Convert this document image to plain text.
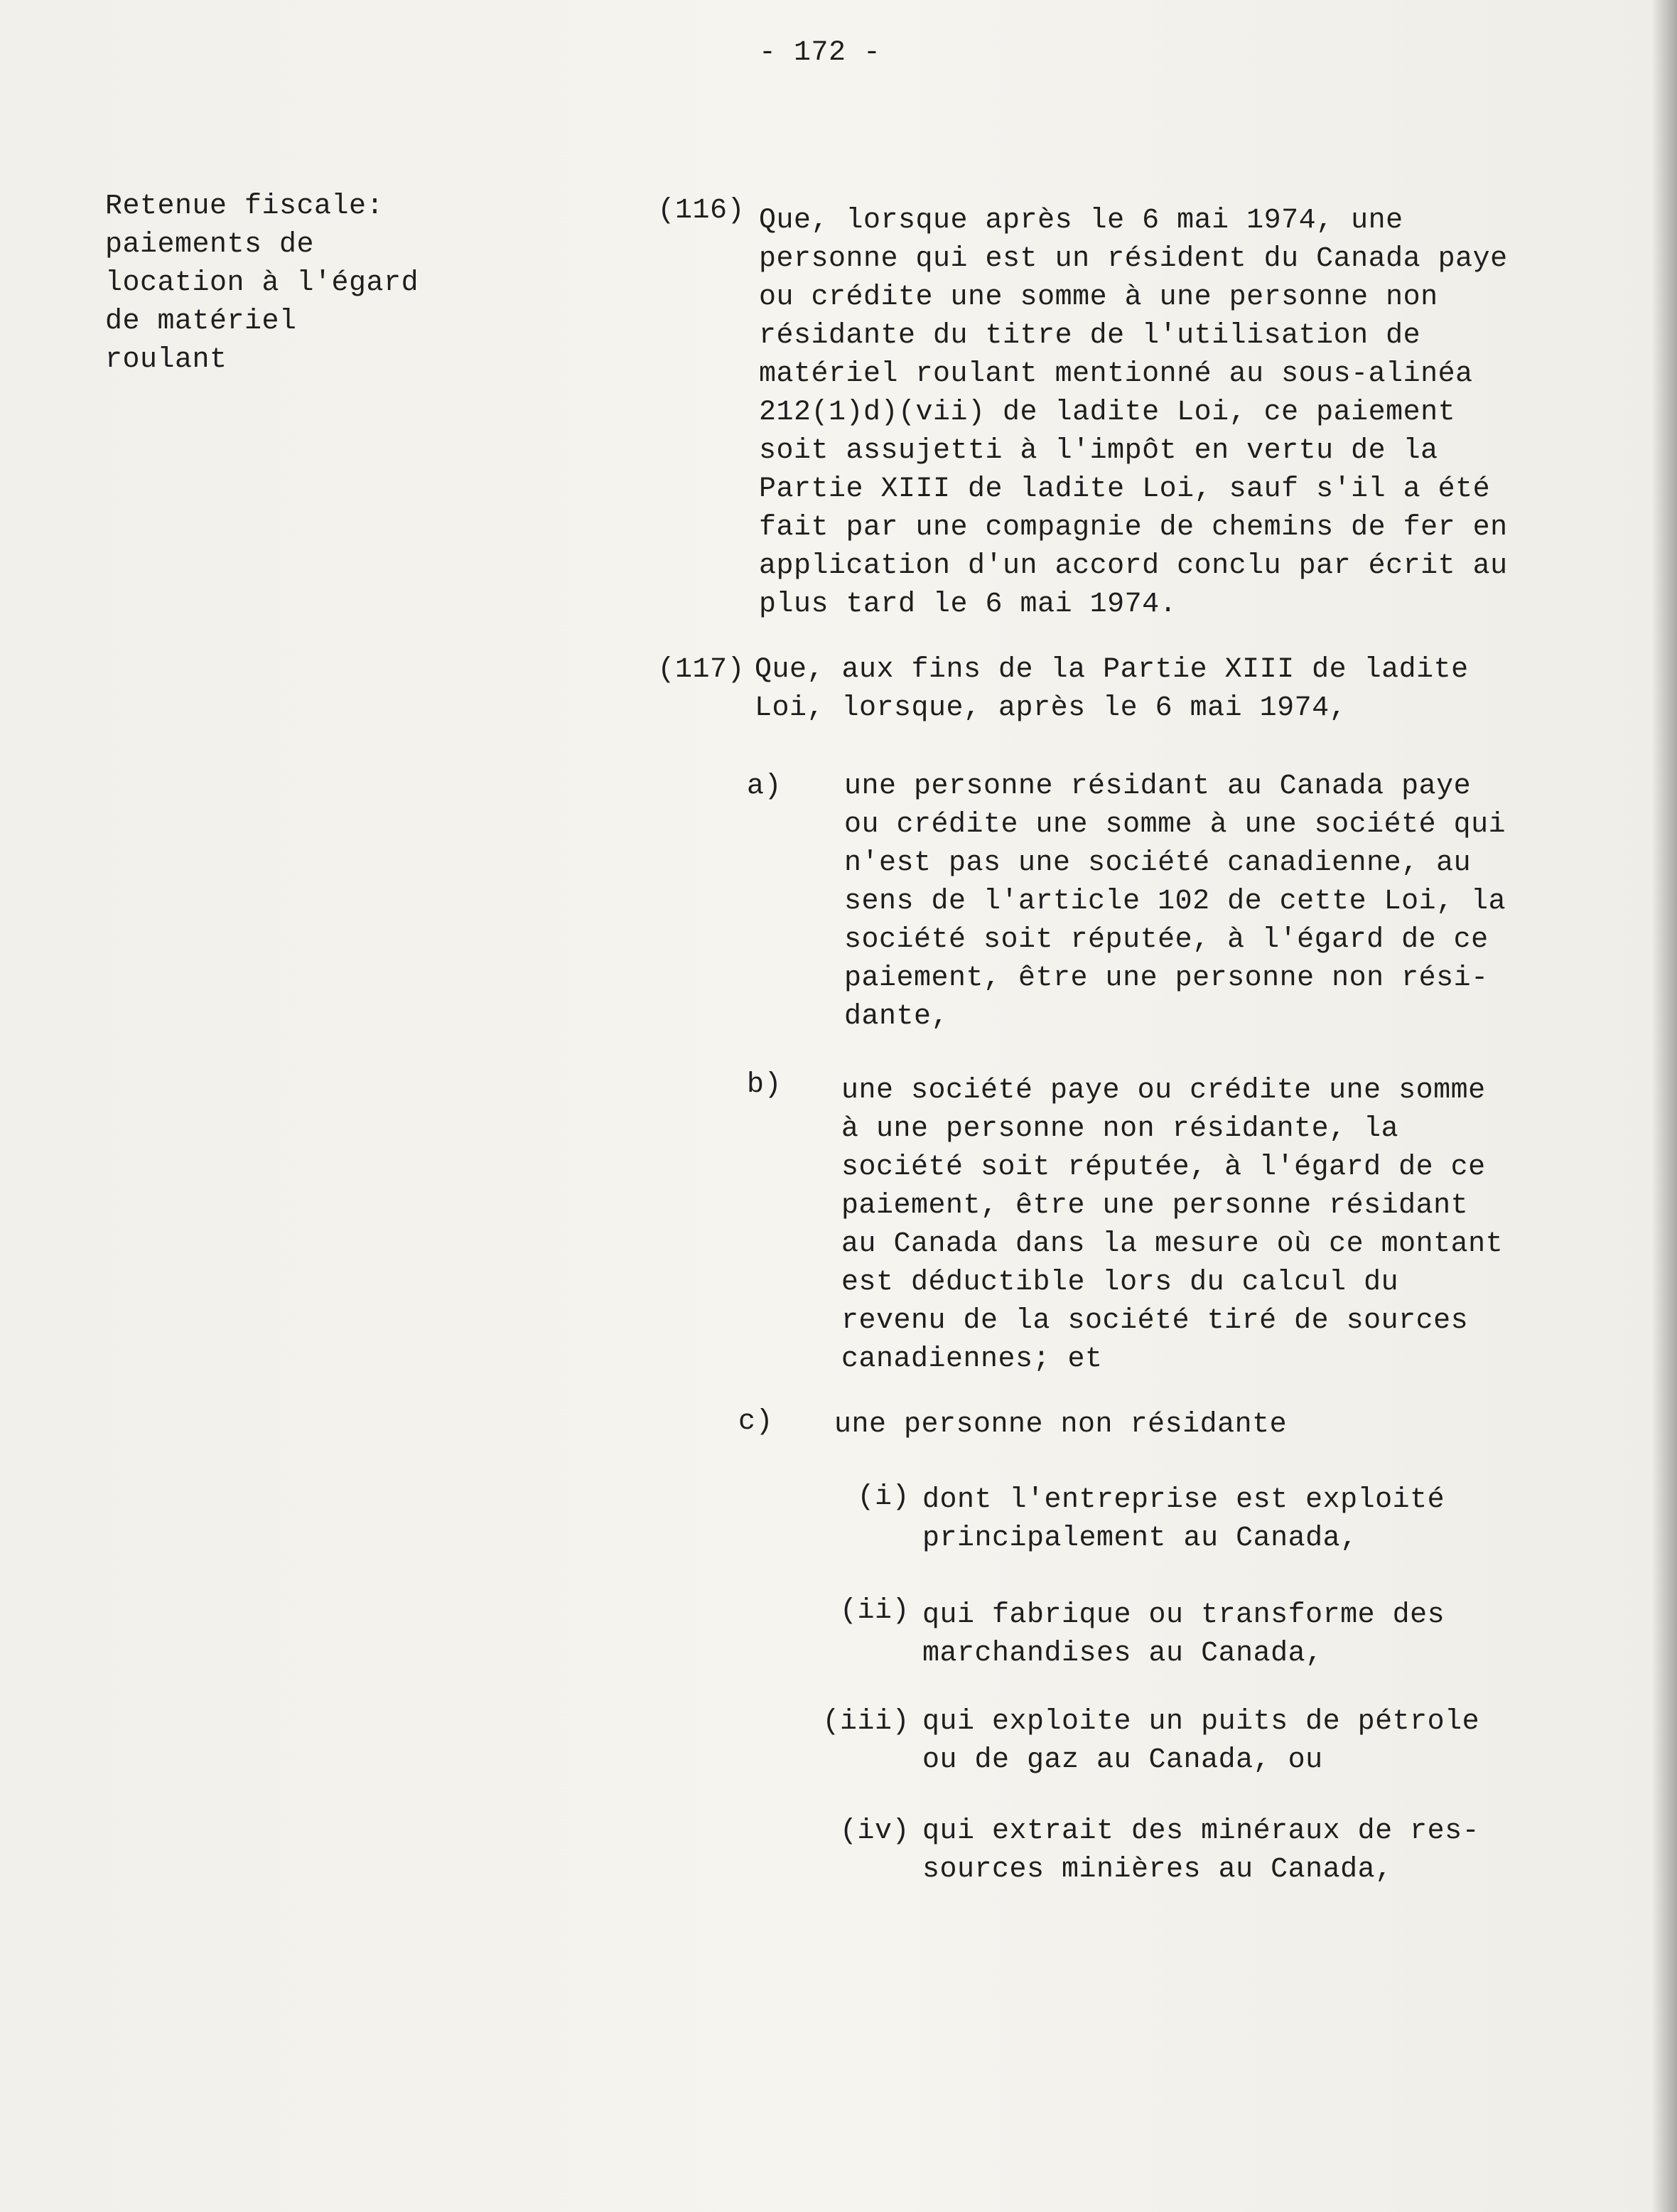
- 172 -
Retenue fiscale:
paiements de
location à l'égard
de matériel
roulant
(116) Que, lorsque après le 6 mai 1974, une
personne qui est un résident du Canada paye
ou crédite une somme à une personne non
résidante du titre de l'utilisation de
matériel roulant mentionné au sous-alinéa
212(1)d)(vii) de ladite Loi, ce paiement
soit assujetti à l'impôt en vertu de la
Partie XIII de ladite Loi, sauf s'il a été
fait par une compagnie de chemins de fer en
application d'un accord conclu par écrit au
plus tard le 6 mai 1974.
(117) Que, aux fins de la Partie XIII de ladite
Loi, lorsque, après le 6 mai 1974,
a) une personne résidant au Canada paye
ou crédite une somme à une société qui
n'est pas une société canadienne, au
sens de l'article 102 de cette Loi, la
société soit réputée, à l'égard de ce
paiement, être une personne non rési-
dante,
b) une société paye ou crédite une somme
à une personne non résidante, la
société soit réputée, à l'égard de ce
paiement, être une personne résidant
au Canada dans la mesure où ce montant
est déductible lors du calcul du
revenu de la société tiré de sources
canadiennes; et
c) une personne non résidante
(i) dont l'entreprise est exploité
principalement au Canada,
(ii) qui fabrique ou transforme des
marchandises au Canada,
(iii) qui exploite un puits de pétrole
ou de gaz au Canada, ou
(iv) qui extrait des minéraux de res-
sources minières au Canada,
